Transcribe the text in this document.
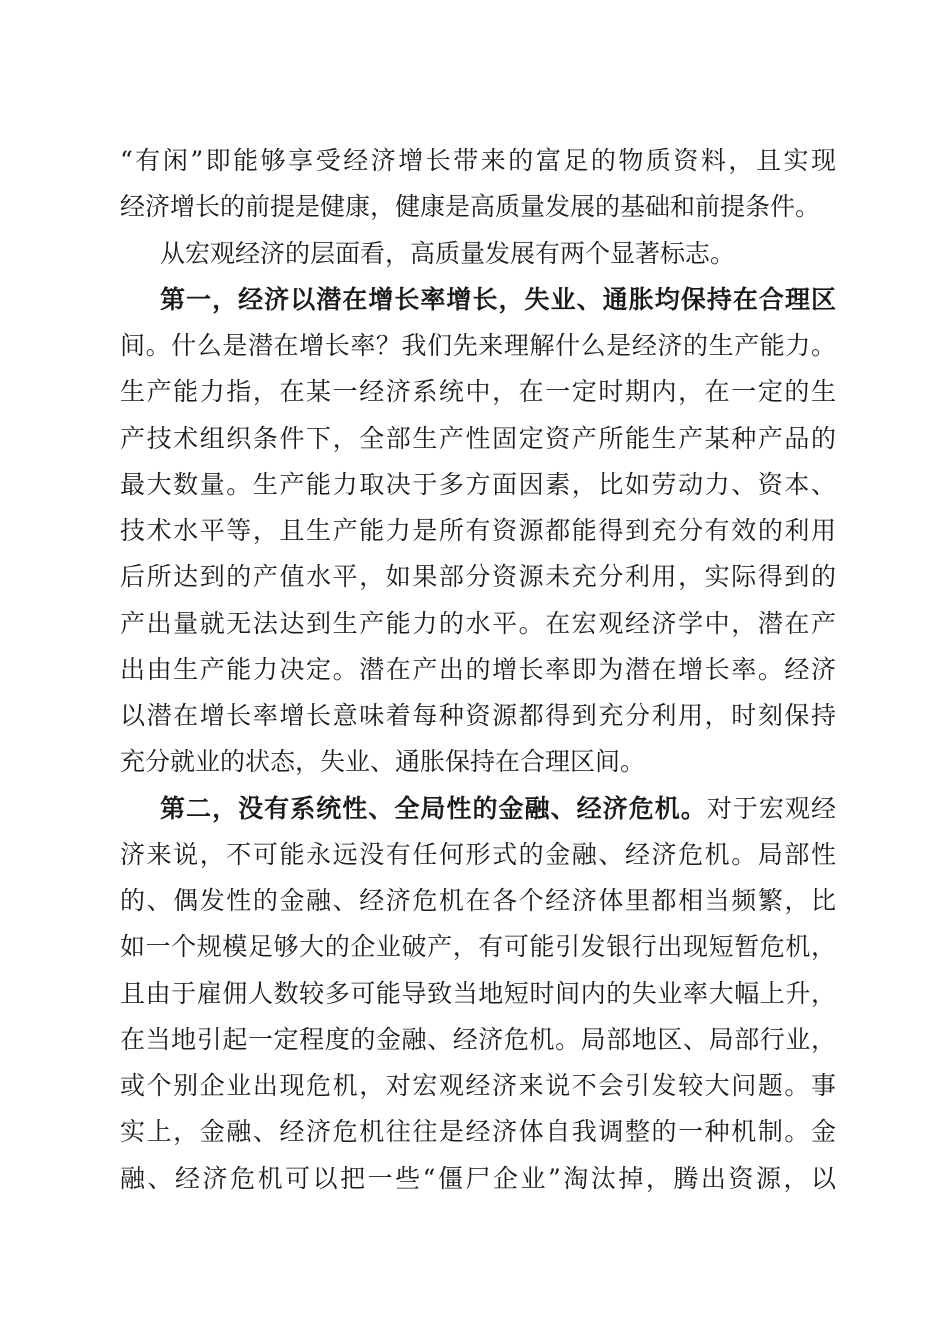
“有闲”即能够享受经济增长带来的富足的物质资料，且实现
经济增长的前提是健康，健康是高质量发展的基础和前提条件。
从宏观经济的层面看，高质量发展有两个显著标志。
第一，经济以潜在增长率增长，失业、通胀均保持在合理区
间。什么是潜在增长率？我们先来理解什么是经济的生产能力。
生产能力指，在某一经济系统中，在一定时期内，在一定的生
产技术组织条件下，全部生产性固定资产所能生产某种产品的
最大数量。生产能力取决于多方面因素，比如劳动力、资本、
技术水平等，且生产能力是所有资源都能得到充分有效的利用
后所达到的产值水平，如果部分资源未充分利用，实际得到的
产出量就无法达到生产能力的水平。在宏观经济学中，潜在产
出由生产能力决定。潜在产出的增长率即为潜在增长率。经济
以潜在增长率增长意味着每种资源都得到充分利用，时刻保持
充分就业的状态，失业、通胀保持在合理区间。
第二，没有系统性、全局性的金融、经济危机。对于宏观经
济来说，不可能永远没有任何形式的金融、经济危机。局部性
的、偶发性的金融、经济危机在各个经济体里都相当频繁，比
如一个规模足够大的企业破产，有可能引发银行出现短暂危机，
且由于雇佣人数较多可能导致当地短时间内的失业率大幅上升，
在当地引起一定程度的金融、经济危机。局部地区、局部行业，
或个别企业出现危机，对宏观经济来说不会引发较大问题。事
实上，金融、经济危机往往是经济体自我调整的一种机制。金
融、经济危机可以把一些“僵尸企业”淘汰掉，腾出资源，以
